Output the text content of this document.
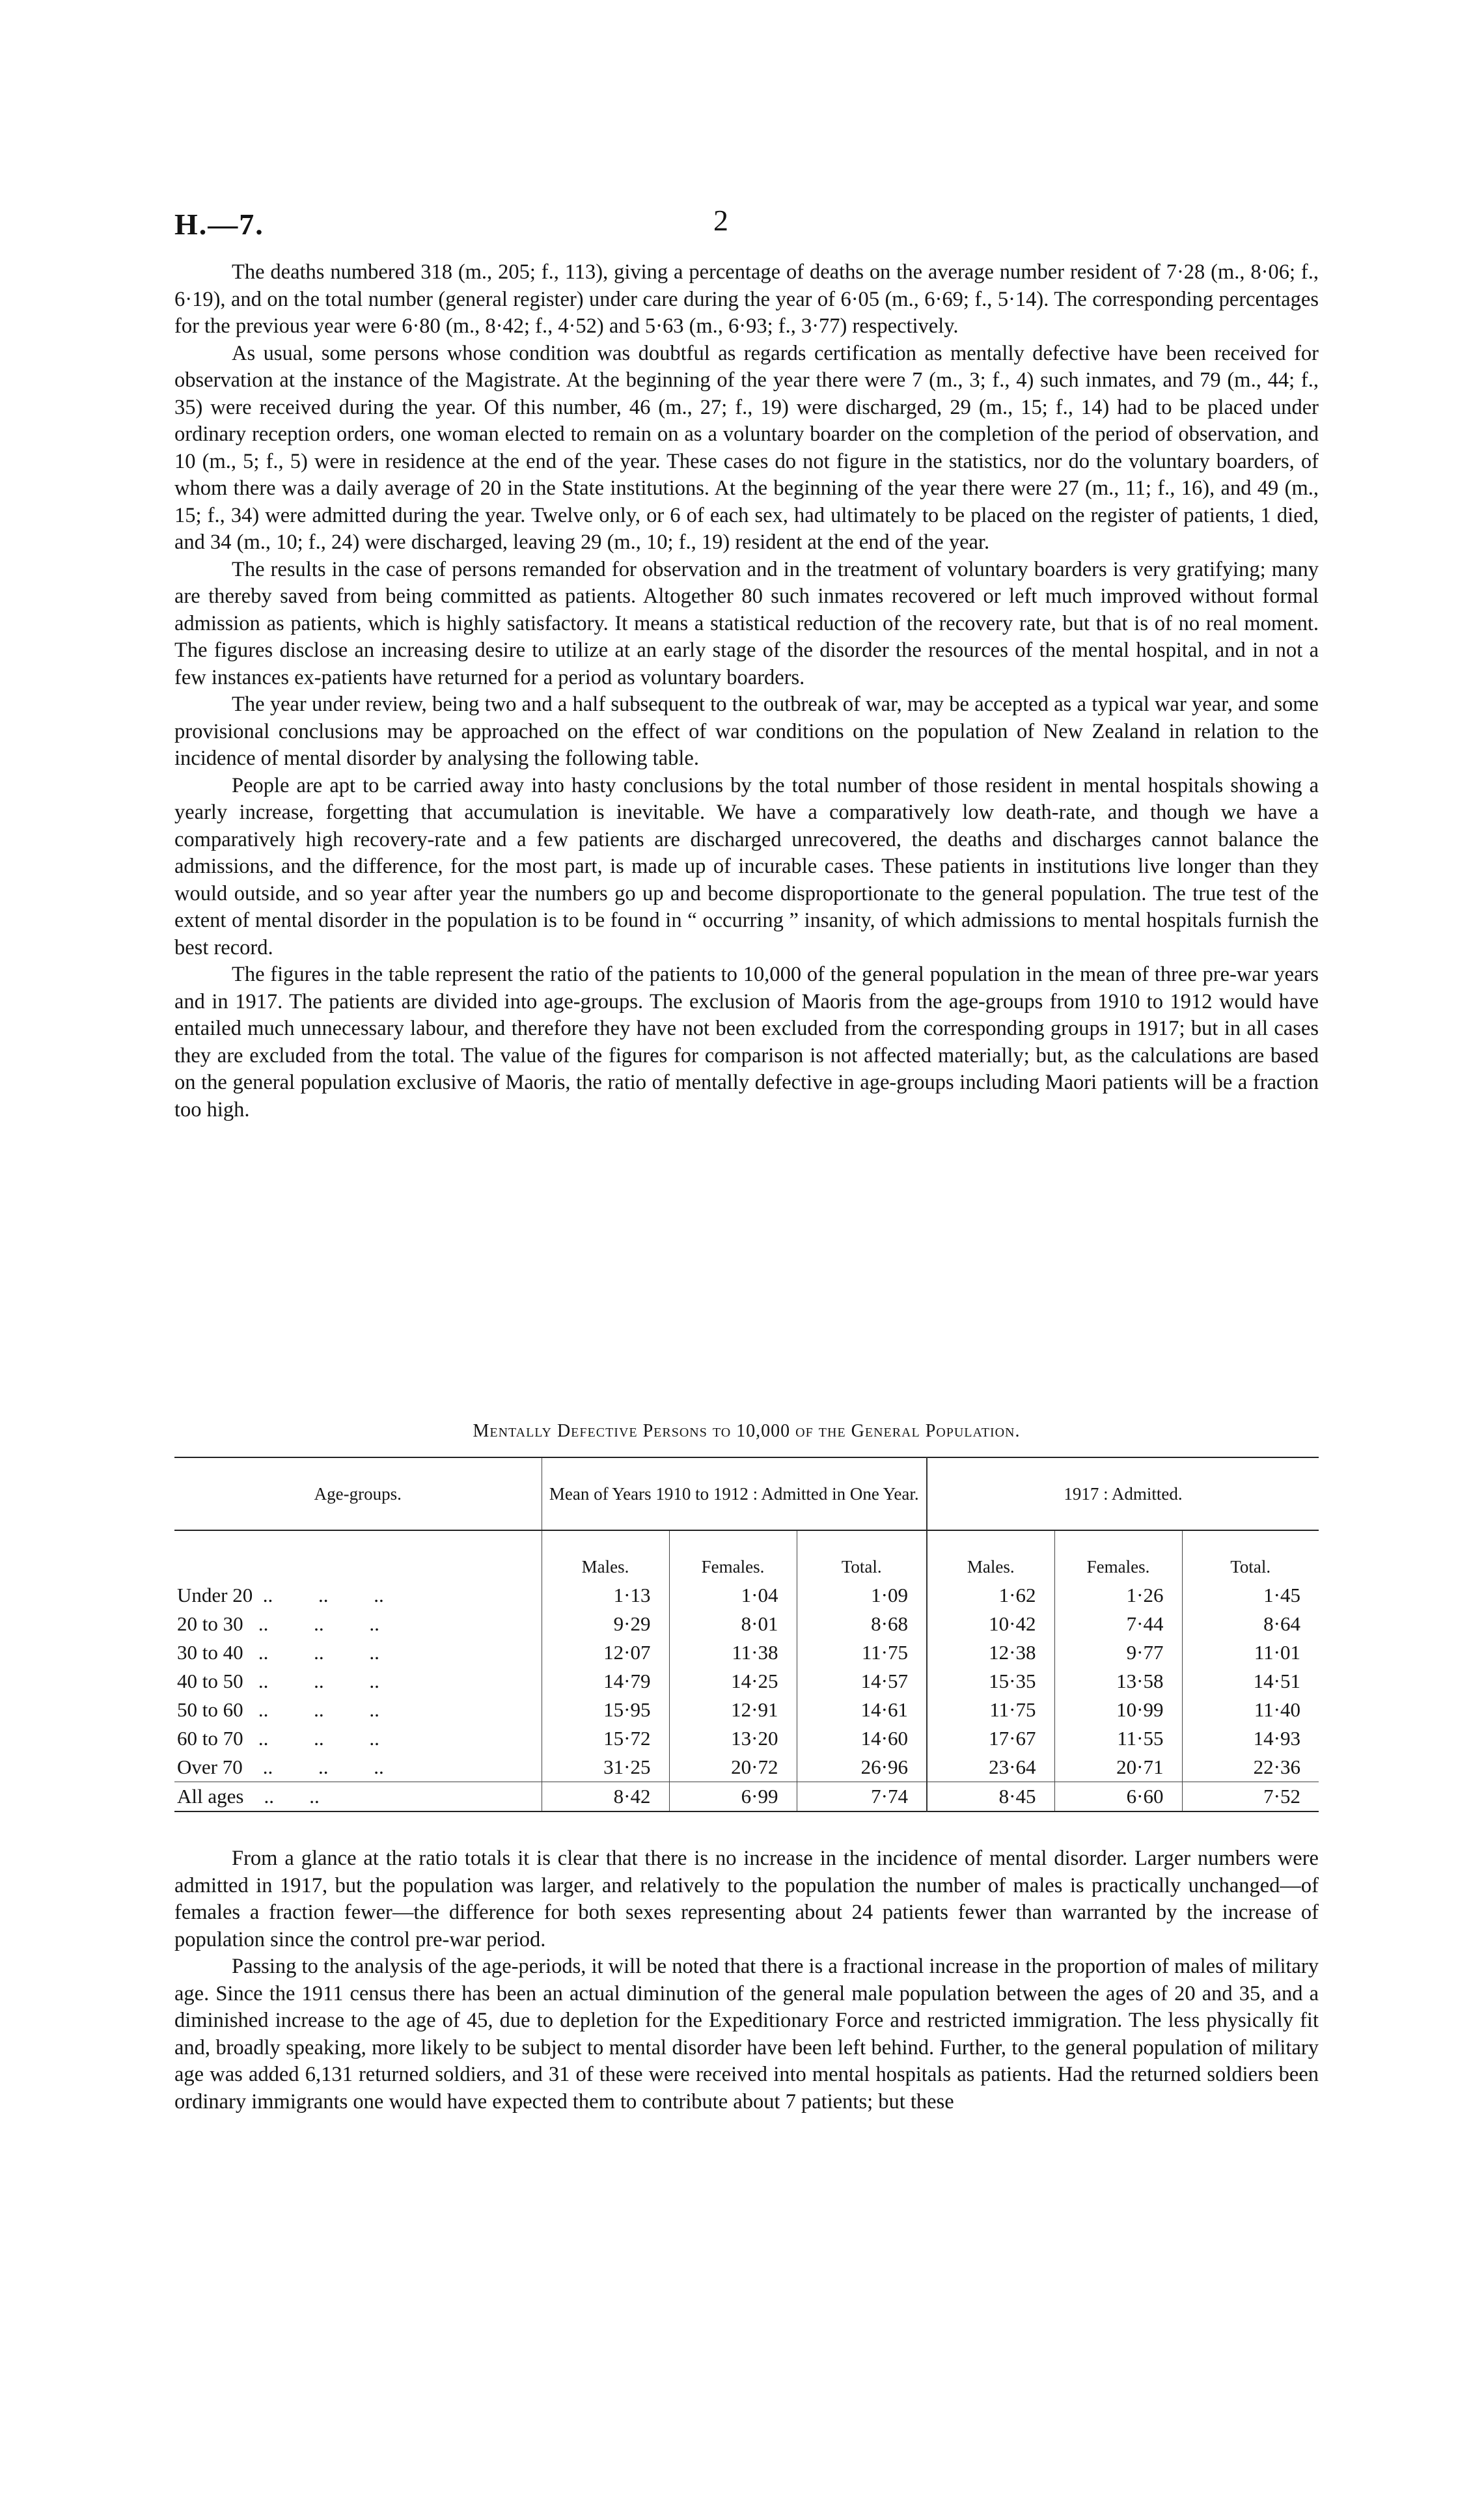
H.—7.	2

The deaths numbered 318 (m., 205; f., 113), giving a percentage of deaths on the average number resident of 7·28 (m., 8·06; f., 6·19), and on the total number (general register) under care during the year of 6·05 (m., 6·69; f., 5·14). The corresponding percentages for the previous year were 6·80 (m., 8·42; f., 4·52) and 5·63 (m., 6·93; f., 3·77) respectively.

As usual, some persons whose condition was doubtful as regards certification as mentally defective have been received for observation at the instance of the Magistrate. At the beginning of the year there were 7 (m., 3; f., 4) such inmates, and 79 (m., 44; f., 35) were received during the year. Of this number, 46 (m., 27; f., 19) were discharged, 29 (m., 15; f., 14) had to be placed under ordinary reception orders, one woman elected to remain on as a voluntary boarder on the completion of the period of observation, and 10 (m., 5; f., 5) were in residence at the end of the year. These cases do not figure in the statistics, nor do the voluntary boarders, of whom there was a daily average of 20 in the State institutions. At the beginning of the year there were 27 (m., 11; f., 16), and 49 (m., 15; f., 34) were admitted during the year. Twelve only, or 6 of each sex, had ultimately to be placed on the register of patients, 1 died, and 34 (m., 10; f., 24) were discharged, leaving 29 (m., 10; f., 19) resident at the end of the year.

The results in the case of persons remanded for observation and in the treatment of voluntary boarders is very gratifying; many are thereby saved from being committed as patients. Altogether 80 such inmates recovered or left much improved without formal admission as patients, which is highly satisfactory. It means a statistical reduction of the recovery rate, but that is of no real moment. The figures disclose an increasing desire to utilize at an early stage of the disorder the resources of the mental hospital, and in not a few instances ex-patients have returned for a period as voluntary boarders.

The year under review, being two and a half subsequent to the outbreak of war, may be accepted as a typical war year, and some provisional conclusions may be approached on the effect of war conditions on the population of New Zealand in relation to the incidence of mental disorder by analysing the following table.

People are apt to be carried away into hasty conclusions by the total number of those resident in mental hospitals showing a yearly increase, forgetting that accumulation is inevitable. We have a comparatively low death-rate, and though we have a comparatively high recovery-rate and a few patients are discharged unrecovered, the deaths and discharges cannot balance the admissions, and the difference, for the most part, is made up of incurable cases. These patients in institutions live longer than they would outside, and so year after year the numbers go up and become disproportionate to the general population. The true test of the extent of mental disorder in the population is to be found in “ occurring ” insanity, of which admissions to mental hospitals furnish the best record.

The figures in the table represent the ratio of the patients to 10,000 of the general population in the mean of three pre-war years and in 1917. The patients are divided into age-groups. The exclusion of Maoris from the age-groups from 1910 to 1912 would have entailed much unnecessary labour, and therefore they have not been excluded from the corresponding groups in 1917; but in all cases they are excluded from the total. The value of the figures for comparison is not affected materially; but, as the calculations are based on the general population exclusive of Maoris, the ratio of mentally defective in age-groups including Maori patients will be a fraction too high.

Mentally Defective Persons to 10,000 of the General Population.
Age-groups.	Mean of Years 1910 to 1912 : Admitted in One Year.			1917 : Admitted.		
	Males.	Females.	Total.	Males.	Females.	Total.
Under 20  ..         ..         ..	1·13	1·04	1·09	1·62	1·26	1·45
20 to 30   ..         ..         ..	9·29	8·01	8·68	10·42	7·44	8·64
30 to 40   ..         ..         ..	12·07	11·38	11·75	12·38	9·77	11·01
40 to 50   ..         ..         ..	14·79	14·25	14·57	15·35	13·58	14·51
50 to 60   ..         ..         ..	15·95	12·91	14·61	11·75	10·99	11·40
60 to 70   ..         ..         ..	15·72	13·20	14·60	17·67	11·55	14·93
Over 70    ..         ..         ..	31·25	20·72	26·96	23·64	20·71	22·36
All ages    ..       ..	8·42	6·99	7·74	8·45	6·60	7·52

From a glance at the ratio totals it is clear that there is no increase in the incidence of mental disorder. Larger numbers were admitted in 1917, but the population was larger, and relatively to the population the number of males is practically unchanged—of females a fraction fewer—the difference for both sexes representing about 24 patients fewer than warranted by the increase of population since the control pre-war period.

Passing to the analysis of the age-periods, it will be noted that there is a fractional increase in the proportion of males of military age. Since the 1911 census there has been an actual diminution of the general male population between the ages of 20 and 35, and a diminished increase to the age of 45, due to depletion for the Expeditionary Force and restricted immigration. The less physically fit and, broadly speaking, more likely to be subject to mental disorder have been left behind. Further, to the general population of military age was added 6,131 returned soldiers, and 31 of these were received into mental hospitals as patients. Had the returned soldiers been ordinary immigrants one would have expected them to contribute about 7 patients; but these
